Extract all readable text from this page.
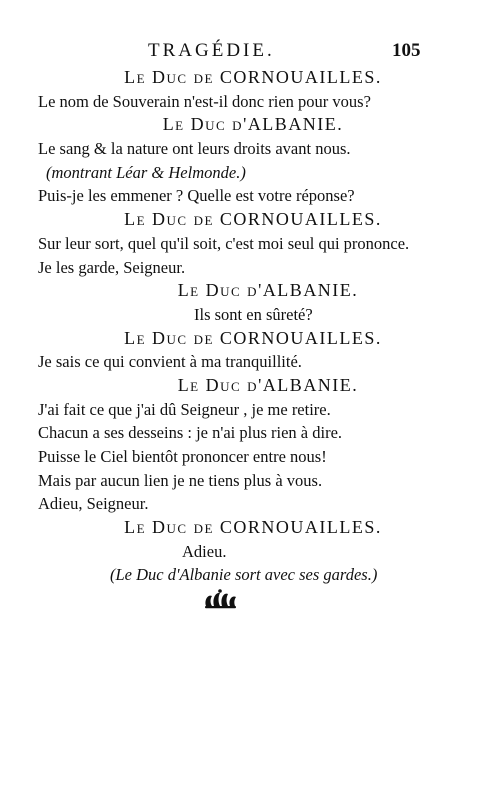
TRAGÉDIE.	105
Le Duc de CORNOUAILLES.
Le nom de Souverain n'est-il donc rien pour vous?
Le Duc d'ALBANIE.
Le sang & la nature ont leurs droits avant nous.
(montrant Léar & Helmonde.)
Puis-je les emmener ? Quelle est votre réponse?
Le Duc de CORNOUAILLES.
Sur leur sort, quel qu'il soit, c'est moi seul qui prononce.
Je les garde, Seigneur.
Le Duc d'ALBANIE.
Ils sont en sûreté?
Le Duc de CORNOUAILLES.
Je sais ce qui convient à ma tranquillité.
Le Duc d'ALBANIE.
J'ai fait ce que j'ai dû Seigneur , je me retire.
Chacun a ses desseins : je n'ai plus rien à dire.
Puisse le Ciel bientôt prononcer entre nous!
Mais par aucun lien je ne tiens plus à vous.
Adieu, Seigneur.
Le Duc de CORNOUAILLES.
Adieu.
(Le Duc d'Albanie sort avec ses gardes.)
